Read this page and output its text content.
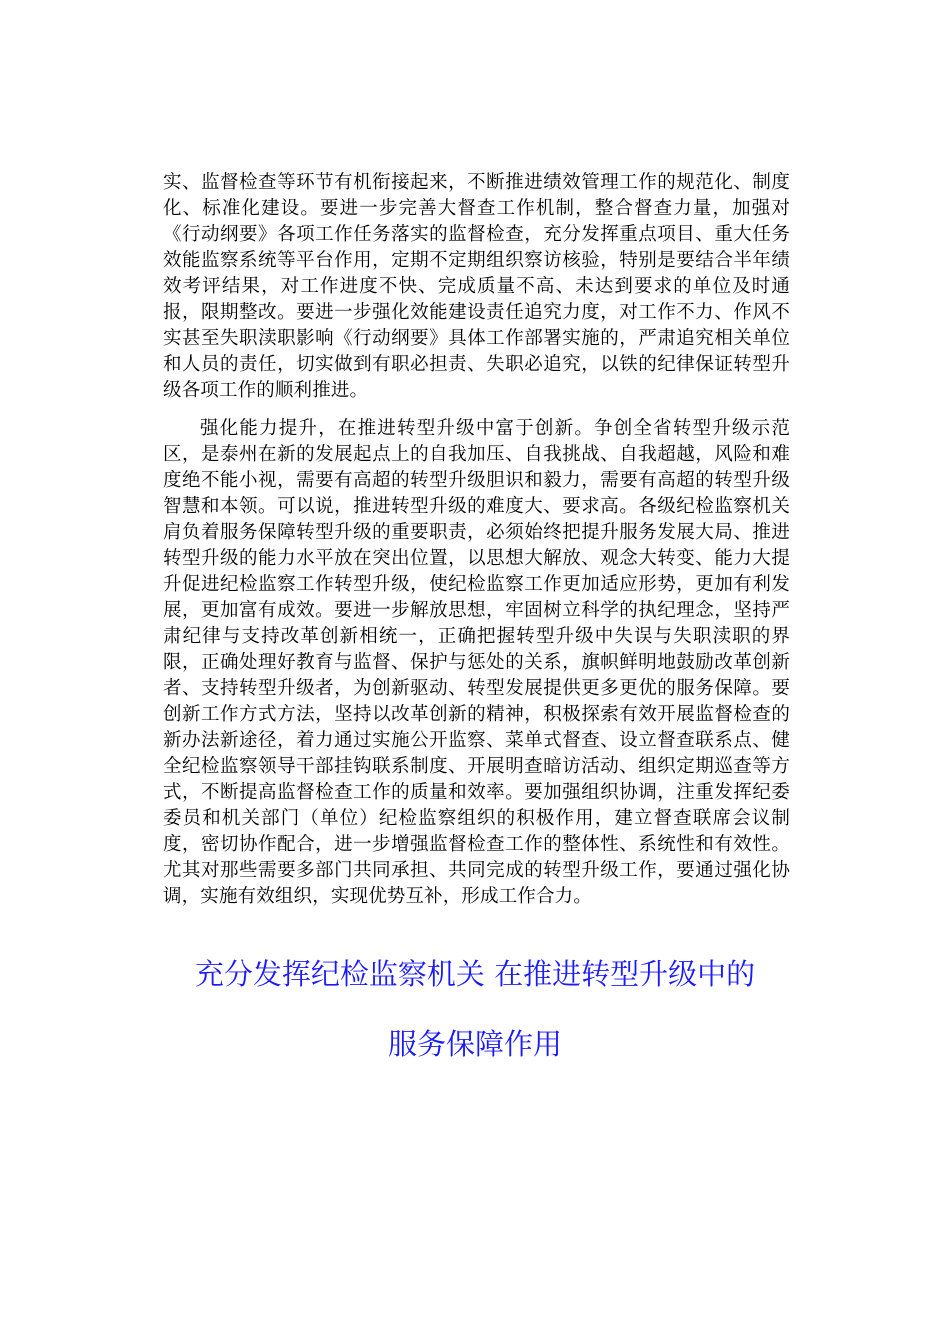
实、监督检查等环节有机衔接起来，不断推进绩效管理工作的规范化、制度化、标准化建设。要进一步完善大督查工作机制，整合督查力量，加强对《行动纲要》各项工作任务落实的监督检查，充分发挥重点项目、重大任务效能监察系统等平台作用，定期不定期组织察访核验，特别是要结合半年绩效考评结果，对工作进度不快、完成质量不高、未达到要求的单位及时通报，限期整改。要进一步强化效能建设责任追究力度，对工作不力、作风不实甚至失职渎职影响《行动纲要》具体工作部署实施的，严肃追究相关单位和人员的责任，切实做到有职必担责、失职必追究，以铁的纪律保证转型升级各项工作的顺利推进。

强化能力提升，在推进转型升级中富于创新。争创全省转型升级示范区，是泰州在新的发展起点上的自我加压、自我挑战、自我超越，风险和难度绝不能小视，需要有高超的转型升级胆识和毅力，需要有高超的转型升级智慧和本领。可以说，推进转型升级的难度大、要求高。各级纪检监察机关肩负着服务保障转型升级的重要职责，必须始终把提升服务发展大局、推进转型升级的能力水平放在突出位置，以思想大解放、观念大转变、能力大提升促进纪检监察工作转型升级，使纪检监察工作更加适应形势，更加有利发展，更加富有成效。要进一步解放思想，牢固树立科学的执纪理念，坚持严肃纪律与支持改革创新相统一，正确把握转型升级中失误与失职渎职的界限，正确处理好教育与监督、保护与惩处的关系，旗帜鲜明地鼓励改革创新者、支持转型升级者，为创新驱动、转型发展提供更多更优的服务保障。要创新工作方式方法，坚持以改革创新的精神，积极探索有效开展监督检查的新办法新途径，着力通过实施公开监察、菜单式督查、设立督查联系点、健全纪检监察领导干部挂钩联系制度、开展明查暗访活动、组织定期巡查等方式，不断提高监督检查工作的质量和效率。要加强组织协调，注重发挥纪委委员和机关部门（单位）纪检监察组织的积极作用，建立督查联席会议制度，密切协作配合，进一步增强监督检查工作的整体性、系统性和有效性。尤其对那些需要多部门共同承担、共同完成的转型升级工作，要通过强化协调，实施有效组织，实现优势互补，形成工作合力。

充分发挥纪检监察机关 在推进转型升级中的
服务保障作用
